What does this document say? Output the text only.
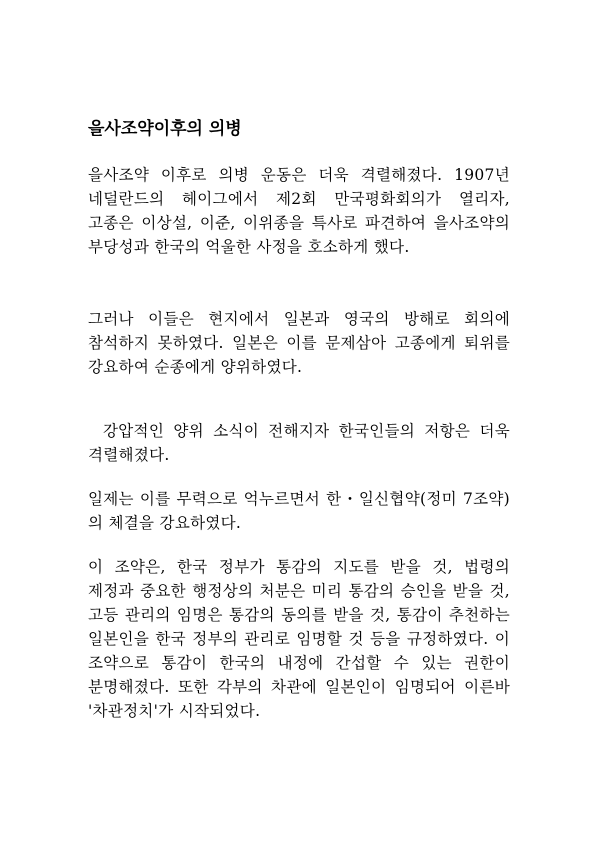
을사조약이후의 의병

을사조약 이후로 의병 운동은 더욱 격렬해졌다. 1907년 네덜란드의 헤이그에서 제2회 만국평화회의가 열리자, 고종은 이상설, 이준, 이위종을 특사로 파견하여 을사조약의 부당성과 한국의 억울한 사정을 호소하게 했다.

그러나 이들은 현지에서 일본과 영국의 방해로 회의에 참석하지 못하였다. 일본은 이를 문제삼아 고종에게 퇴위를 강요하여 순종에게 양위하였다.

강압적인 양위 소식이 전해지자 한국인들의 저항은 더욱 격렬해졌다.

일제는 이를 무력으로 억누르면서 한・일신협약(정미 7조약)의 체결을 강요하였다.

이 조약은, 한국 정부가 통감의 지도를 받을 것, 법령의 제정과 중요한 행정상의 처분은 미리 통감의 승인을 받을 것, 고등 관리의 임명은 통감의 동의를 받을 것, 통감이 추천하는 일본인을 한국 정부의 관리로 임명할 것 등을 규정하였다. 이 조약으로 통감이 한국의 내정에 간섭할 수 있는 권한이 분명해졌다. 또한 각부의 차관에 일본인이 임명되어 이른바 '차관정치'가 시작되었다.
